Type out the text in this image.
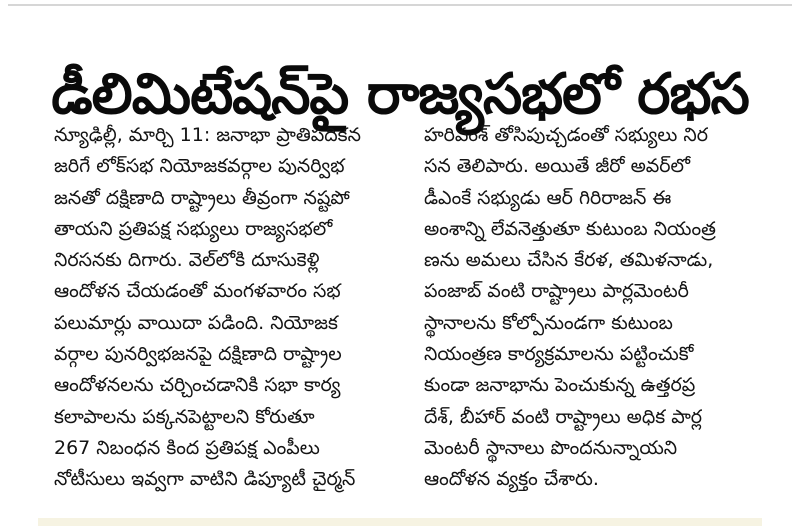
డీలిమిటేషన్‌పై రాజ్యసభలో రభస
న్యూఢిల్లీ, మార్చి 11: జనాభా ప్రాతిపదికన
జరిగే లోక్‌సభ నియోజకవర్గాల పునర్విభ
జనతో దక్షిణాది రాష్ట్రాలు తీవ్రంగా నష్టపో
తాయని ప్రతిపక్ష సభ్యులు రాజ్యసభలో
నిరసనకు దిగారు. వెల్‌లోకి దూసుకెళ్లి
ఆందోళన చేయడంతో మంగళవారం సభ
పలుమార్లు వాయిదా పడింది. నియోజక
వర్గాల పునర్విభజనపై దక్షిణాది రాష్ట్రాల
ఆందోళనలను చర్చించడానికి సభా కార్య
కలాపాలను పక్కనపెట్టాలని కోరుతూ
267 నిబంధన కింద ప్రతిపక్ష ఎంపీలు
నోటీసులు ఇవ్వగా వాటిని డిప్యూటీ చైర్మన్
హరివంశ్ తోసిపుచ్చడంతో సభ్యులు నిర
సన తెలిపారు. అయితే జీరో అవర్‌లో
డీఎంకే సభ్యుడు ఆర్ గిరిరాజన్ ఈ
అంశాన్ని లేవనెత్తుతూ కుటుంబ నియంత్ర
ణను అమలు చేసిన కేరళ, తమిళనాడు,
పంజాబ్ వంటి రాష్ట్రాలు పార్లమెంటరీ
స్థానాలను కోల్పోనుండగా కుటుంబ
నియంత్రణ కార్యక్రమాలను పట్టించుకో
కుండా జనాభాను పెంచుకున్న ఉత్తరప్ర
దేశ్, బీహార్ వంటి రాష్ట్రాలు అధిక పార్ల
మెంటరీ స్థానాలు పొందనున్నాయని
ఆందోళన వ్యక్తం చేశారు.
